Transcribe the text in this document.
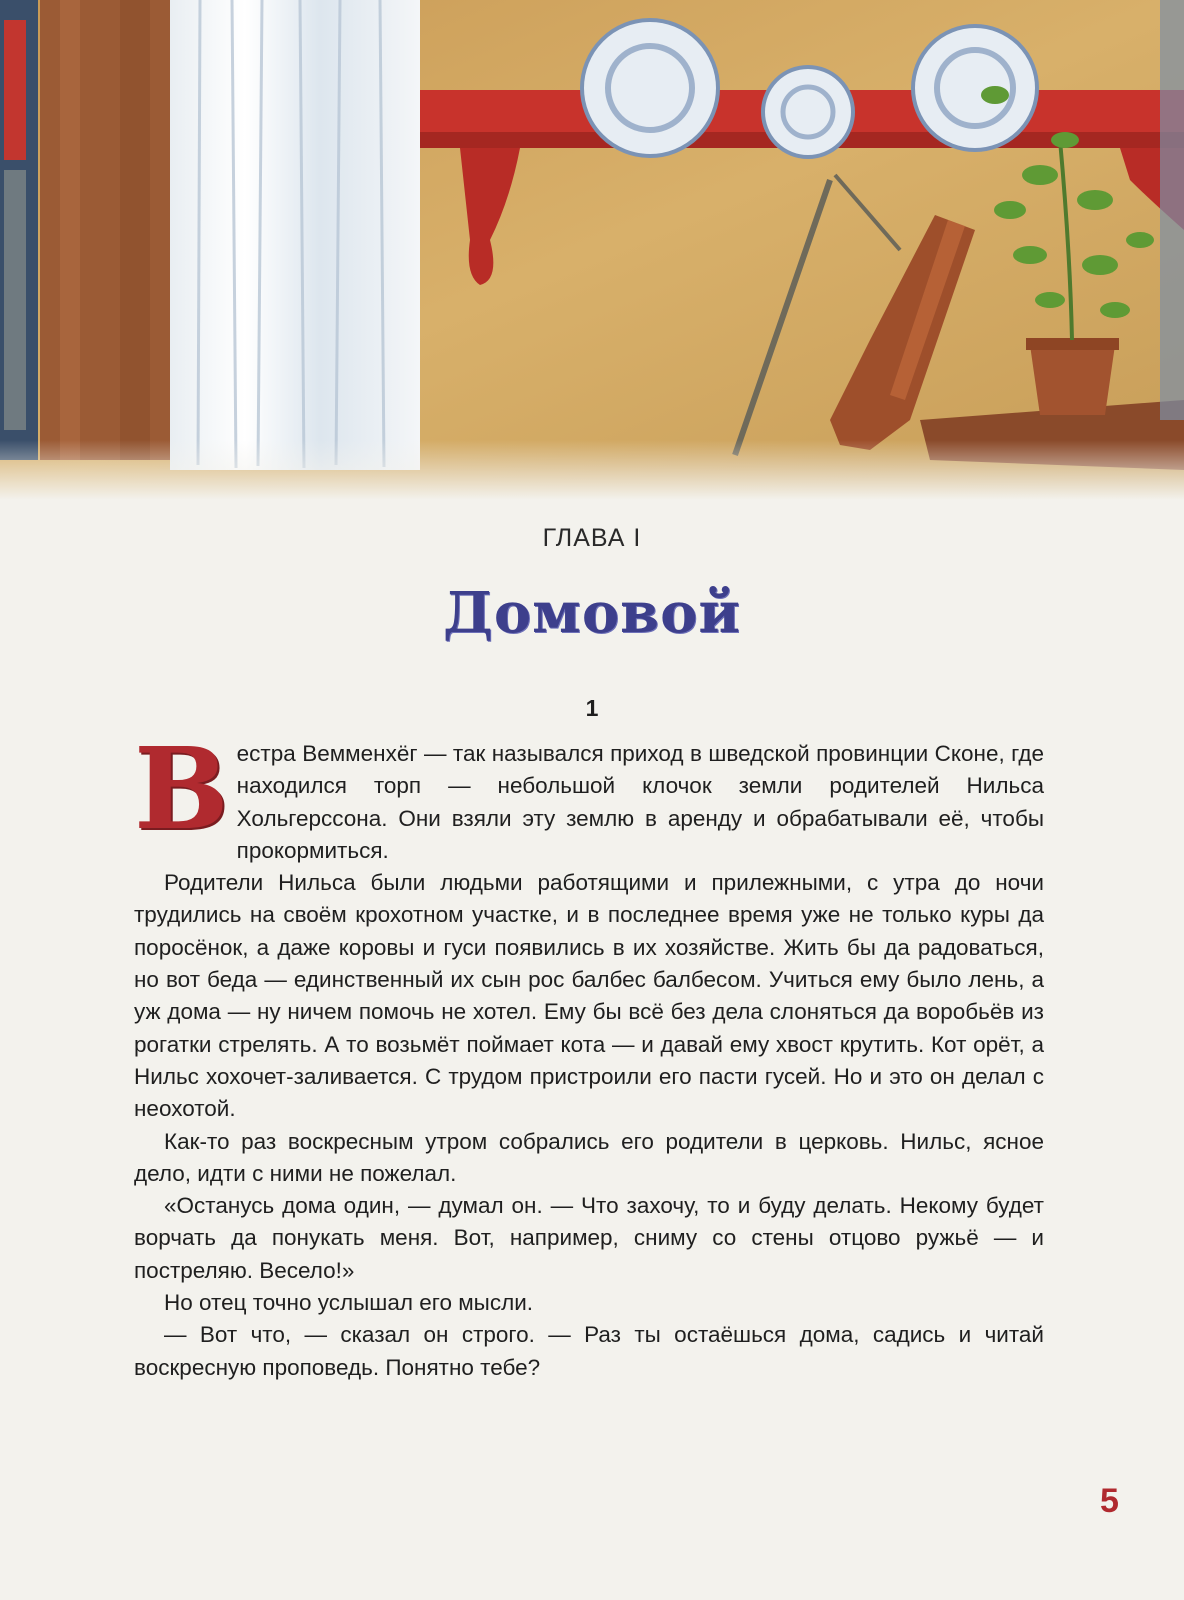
ГЛАВА I
Домовой
1

Вестра Вемменхёг — так назывался приход в шведской провинции Сконе, где находился торп — небольшой клочок земли родителей Нильса Хольгерссона. Они взяли эту землю в аренду и обрабатывали её, чтобы прокормиться.

Родители Нильса были людьми работящими и прилежными, с утра до ночи трудились на своём крохотном участке, и в последнее время уже не только куры да поросёнок, а даже коровы и гуси появились в их хозяйстве. Жить бы да радоваться, но вот беда — единственный их сын рос балбес балбесом. Учиться ему было лень, а уж дома — ну ничем помочь не хотел. Ему бы всё без дела слоняться да воробьёв из рогатки стрелять. А то возьмёт поймает кота — и давай ему хвост крутить. Кот орёт, а Нильс хохочет-заливается. С трудом пристроили его пасти гусей. Но и это он делал с неохотой.

Как-то раз воскресным утром собрались его родители в церковь. Нильс, ясное дело, идти с ними не пожелал.

«Останусь дома один, — думал он. — Что захочу, то и буду делать. Некому будет ворчать да понукать меня. Вот, например, сниму со стены отцово ружьё — и постреляю. Весело!»

Но отец точно услышал его мысли.

— Вот что, — сказал он строго. — Раз ты остаёшься дома, садись и читай воскресную проповедь. Понятно тебе?

5
